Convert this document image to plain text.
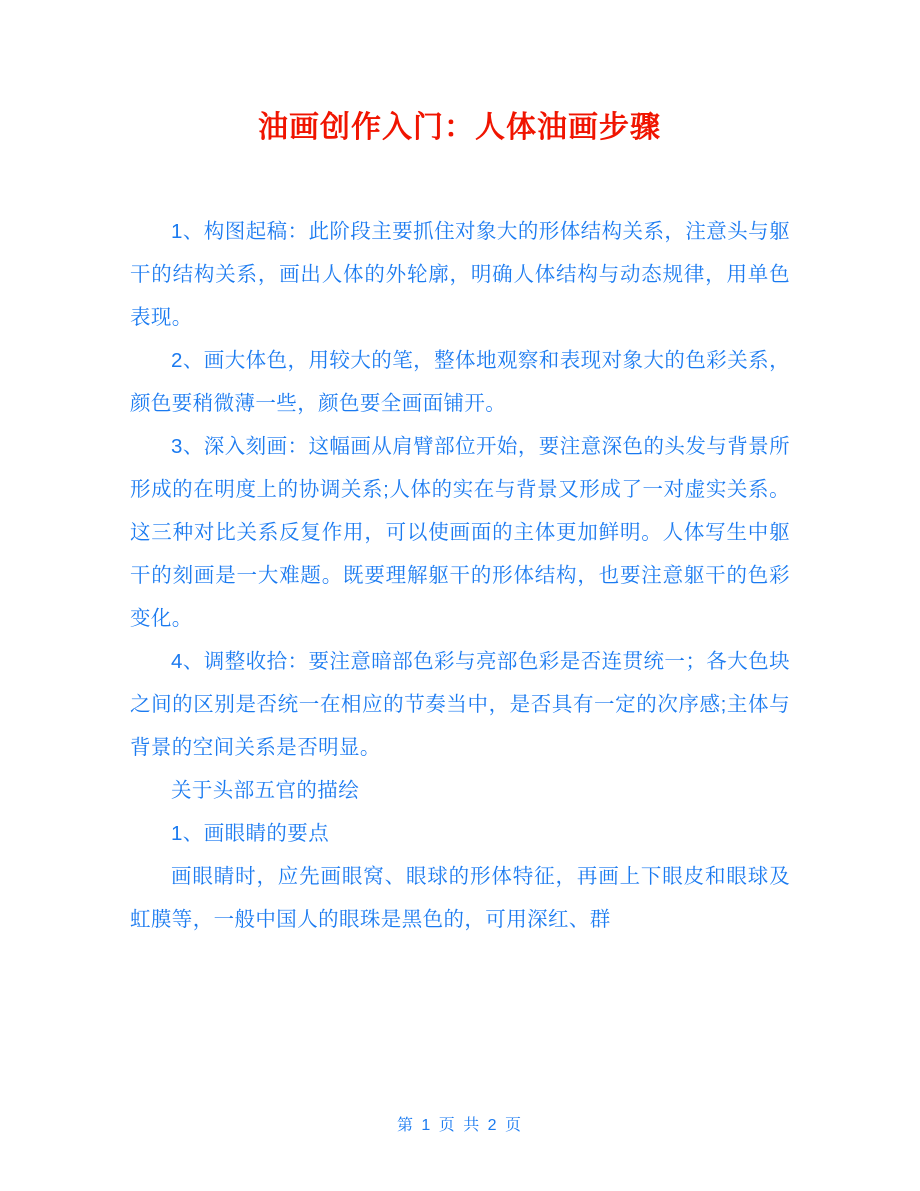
油画创作入门：人体油画步骤

1、构图起稿：此阶段主要抓住对象大的形体结构关系，注意头与躯干的结构关系，画出人体的外轮廓，明确人体结构与动态规律，用单色表现。

2、画大体色，用较大的笔，整体地观察和表现对象大的色彩关系，颜色要稍微薄一些，颜色要全画面铺开。

3、深入刻画：这幅画从肩臂部位开始，要注意深色的头发与背景所形成的在明度上的协调关系;人体的实在与背景又形成了一对虚实关系。这三种对比关系反复作用，可以使画面的主体更加鲜明。人体写生中躯干的刻画是一大难题。既要理解躯干的形体结构，也要注意躯干的色彩变化。

4、调整收拾：要注意暗部色彩与亮部色彩是否连贯统一；各大色块之间的区别是否统一在相应的节奏当中，是否具有一定的次序感;主体与背景的空间关系是否明显。

关于头部五官的描绘

1、画眼睛的要点

画眼睛时，应先画眼窝、眼球的形体特征，再画上下眼皮和眼球及虹膜等，一般中国人的眼珠是黑色的，可用深红、群

第 1 页 共 2 页
